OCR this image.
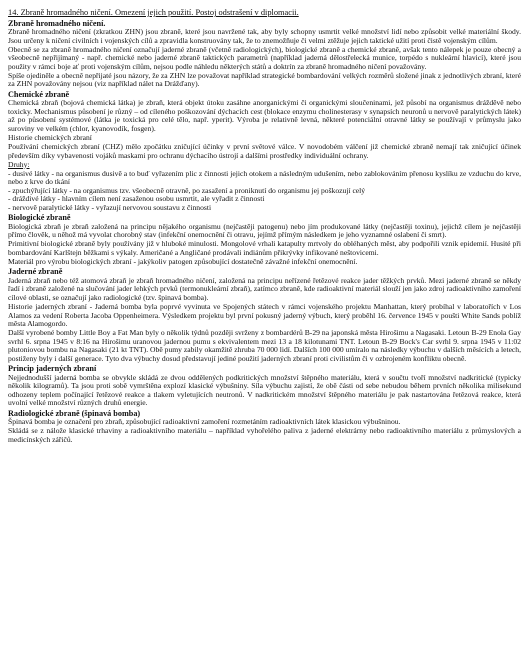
14. Zbraně hromadného ničení. Omezení jejich použití. Postoj odstrašení v diplomacii.
Zbraně hromadného ničení.

Zbraně hromadného ničení (zkratkou ZHN) jsou zbraně, které jsou navržené tak, aby byly schopny usmrtit velké množství lidí nebo způsobit velké materiální škody. Jsou určeny k ničení civilních i vojenských cílů a zpravidla konstruovány tak, že to znemožňuje či velmi ztěžuje jejich taktické užití proti čistě vojenským cílům.

Obecně se za zbraně hromadného ničení označují jaderné zbraně (včetně radiologických), biologické zbraně a chemické zbraně, avšak tento nálepek je pouze obecný a všeobecně nepřijímaný - např. chemické nebo jaderné zbraně taktických parametrů (například jaderná dělostřelecká munice, torpédo s nukleární hlavicí), které jsou použity v rámci boje ať proti vojenským cílům, nejsou podle náhledu některých států a doktrín za zbraně hromadného ničení považovány.

Spíše ojediněle a obecně nepřijaté jsou názory, že za ZHN lze považovat například strategické bombardování velkých rozměrů složené jinak z jednotlivých zbraní, které za ZHN považovány nejsou (viz například nálet na Drážďany).

Chemické zbraně

Chemická zbraň (bojová chemická látka) je zbraň, která objekt útoku zasáhne anorganickými či organickými sloučeninami, jež působí na organismus drážděvě nebo toxicky. Mechanismus působení je různý – od cíleného poškozování dýchacích cest (blokace enzymu cholinesterasy v synapsích neuronů u nervově paralytických látek) až po působení systémové (látka je toxická pro celé tělo, např. yperit). Výroba je relativně levná, některé potenciální otravné látky se používají v průmyslu jako suroviny ve velkém (chlor, kyanovodík, fosgen).

Historie chemických zbraní

Používání chemických zbraní (CHZ) mělo zpočátku zničující účinky v první světové válce. V novodobém válčení již chemické zbraně nemají tak zničující účinek především díky vybavenosti vojáků maskami pro ochranu dýchacího ústrojí a dalšími prostředky individuální ochrany.

Druhy:

- dusivé látky - na organismus dusivě a to buď vyřazením plic z činnosti jejich otokem a následným udušením, nebo zablokováním přenosu kyslíku ze vzduchu do krve, nebo z krve do tkání
- zpuchýřující látky - na organismus tzv. všeobecně otravně, po zasažení a proniknutí do organismu jej poškozují celý
- dráždivé látky - hlavním cílem není zasaženou osobu usmrtit, ale vyřadit z činnosti
- nervově paralytické látky - vyřazují nervovou soustavu z činnosti
Biologické zbraně

Biologická zbraň je zbraň založená na principu nějakého organismu (nejčastěji patogenu) nebo jím produkované látky (nejčastěji toxinu), jejichž cílem je nejčastěji přímo člověk, u něhož má vyvolat chorobný stav (infekční onemocnění či otravu, jejímž přímým následkem je jeho vyznamné oslabení či smrt).

Primitivní biologické zbraně byly používány již v hluboké minulosti. Mongolové vrhali katapulty mrtvoly do obléhaných měst, aby podpořili vznik epidemií. Husité při bombardování Karlštejn běžkami s výkaly. Američané a Angličané prodávali indiánům přikrývky infikované neštovicemi.

Materiál pro výrobu biologických zbraní - jakýkoliv patogen způsobující dostatečně závažné infekční onemocnění.

Jaderné zbraně

Jaderná zbraň nebo též atomová zbraň je zbraň hromadného ničení, založená na principu neřízené řetězové reakce jader těžkých prvků. Mezi jaderné zbraně se někdy řadí i zbraně založené na slučování jader lehkých prvků (termonukleární zbraň), zatímco zbraně, kde radioaktivní materiál slouží jen jako zdroj radioaktivního zamoření cílové oblasti, se označují jako radiologické (tzv. špinavá bomba).

Historie jaderných zbraní - Jaderná bomba byla poprvé vyvinuta ve Spojených státech v rámci vojenského projektu Manhattan, který probíhal v laboratořích v Los Alamos za vedení Roberta Jacoba Oppenheimera. Výsledkem projektu byl první pokusný jaderný výbuch, který proběhl 16. července 1945 v poušti White Sands poblíž města Alamogordo.

Další vyrobené bomby Little Boy a Fat Man byly o několik týdnů později svrženy z bombardérů B-29 na japonská města Hirošimu a Nagasaki. Letoun B-29 Enola Gay svrhl 6. srpna 1945 v 8:16 na Hirošimu uranovou jadernou pumu s ekvivalentem mezi 13 a 18 kilotunami TNT. Letoun B-29 Bock's Car svrhl 9. srpna 1945 v 11:02 plutoniovou bombu na Nagasaki (21 kt TNT). Obě pumy zabily okamžitě zhruba 70 000 lidí. Dalších 100 000 umíralo na následky výbuchu v dalších měsících a letech, postiženy byly i další generace. Tyto dva výbuchy dosud představují jediné použití jaderných zbraní proti civilistům či v ozbrojeném konfliktu obecně.

Princip jaderných zbraní

Nejjednodušší jaderná bomba se obvykle skládá ze dvou oddělených podkritických množství štěpného materiálu, která v součtu tvoří množství nadkritické (typicky několik kilogramů). Ta jsou proti sobě vymrštěna explozí klasické výbušniny. Síla výbuchu zajistí, že obě části od sebe nebudou během prvních několika milisekund odhozeny teplem počínající řetězové reakce a tlakem vyletujících neutronů. V nadkritickém množství štěpného materiálu je pak nastartována řetězová reakce, která uvolní velké množství různých druhů energie.

Radiologické zbraně (špinavá bomba)

Špinavá bomba je označení pro zbraň, způsobující radioaktivní zamoření rozmetáním radioaktivních látek klasickou výbušninou.

Skládá se z nálože klasické trhaviny a radioaktivního materiálu – například vyhořelého paliva z jaderné elektrárny nebo radioaktivního materiálu z průmyslových a medicínských zářičů.
